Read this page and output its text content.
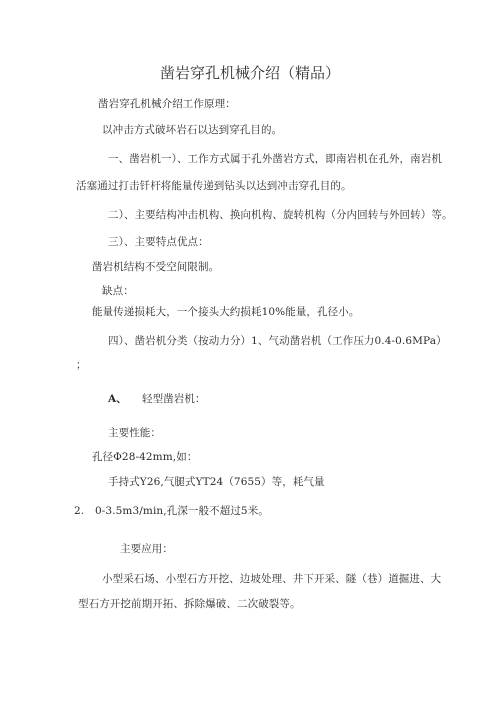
凿岩穿孔机械介绍（精品）
凿岩穿孔机械介绍工作原理：
以冲击方式破坏岩石以达到穿孔目的。
一、凿岩机一）、工作方式属于孔外凿岩方式，即南岩机在孔外，南岩机
活塞通过打击钎杆将能量传递到钻头以达到冲击穿孔目的。
二）、主要结构冲击机构、换向机构、旋转机构（分内回转与外回转）等。
三）、主要特点优点：
凿岩机结构不受空间限制。
缺点：
能量传递损耗大，一个接头大约损耗10%能量，孔径小。
四）、凿岩机分类（按动力分）1、气动凿岩机（工作压力0.4-0.6MPa）
；
A、 轻型凿岩机：
主要性能：
孔径Φ28-42mm,如：
手持式Y26,气腿式YT24（7655）等，耗气量
2. 0-3.5m3/min,孔深一般不超过5米。
主要应用：
小型采石场、小型石方开挖、边坡处理、井下开采、隧（巷）道掘进、大
型石方开挖前期开拓、拆除爆破、二次破裂等。
